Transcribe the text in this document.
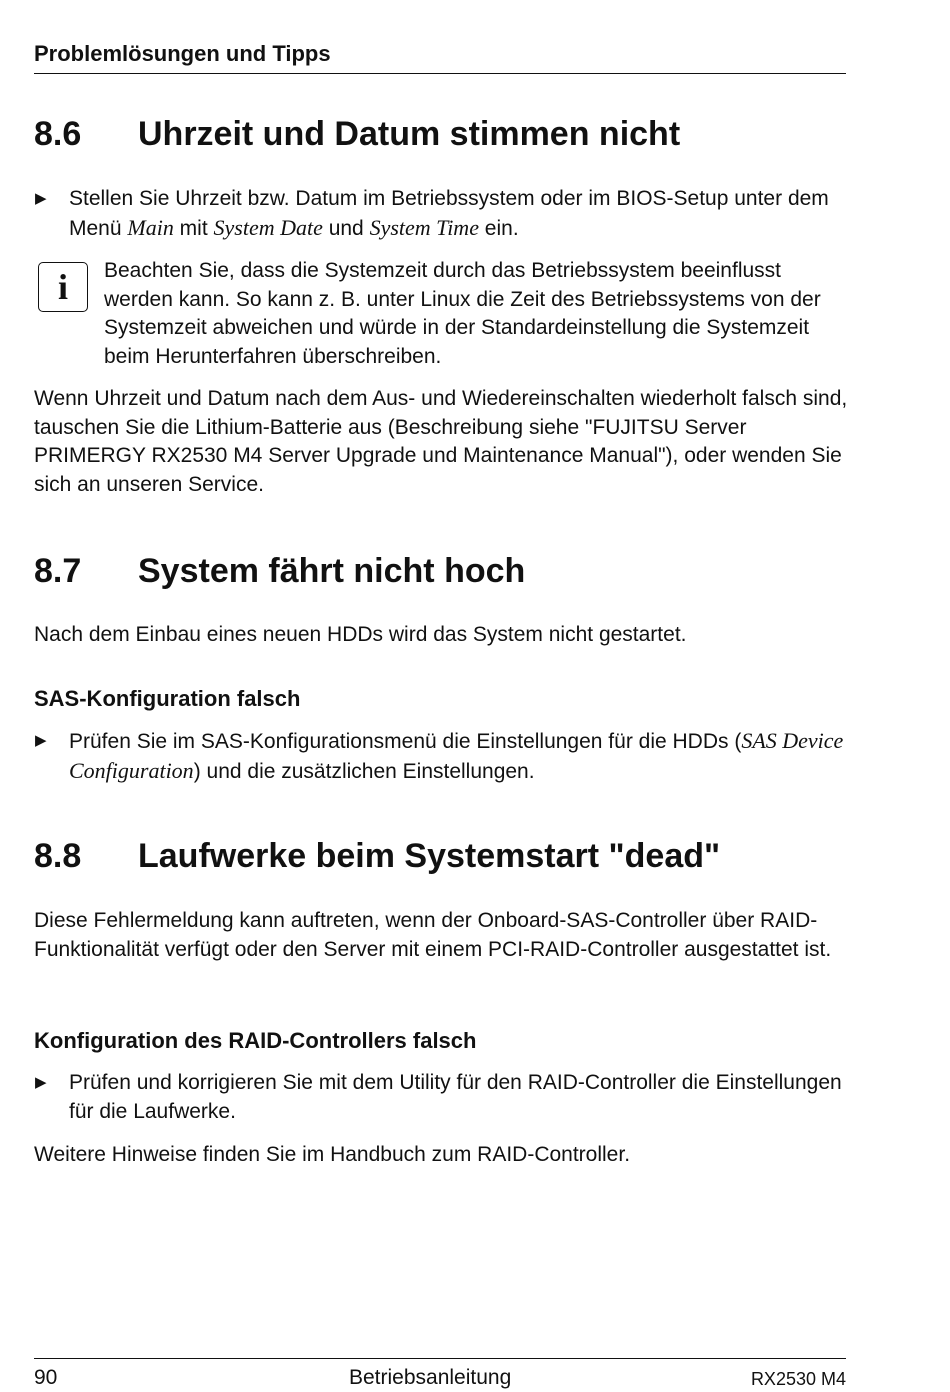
Problemlösungen und Tipps
8.6 Uhrzeit und Datum stimmen nicht
▶ Stellen Sie Uhrzeit bzw. Datum im Betriebssystem oder im BIOS-Setup unter dem Menü Main mit System Date und System Time ein.
i	Beachten Sie, dass die Systemzeit durch das Betriebssystem beeinflusst werden kann. So kann z. B. unter Linux die Zeit des Betriebssystems von der Systemzeit abweichen und würde in der Standardeinstellung die Systemzeit beim Herunterfahren überschreiben.
Wenn Uhrzeit und Datum nach dem Aus- und Wiedereinschalten wiederholt falsch sind, tauschen Sie die Lithium-Batterie aus (Beschreibung siehe "FUJITSU Server PRIMERGY RX2530 M4 Server Upgrade und Maintenance Manual"), oder wenden Sie sich an unseren Service.
8.7 System fährt nicht hoch
Nach dem Einbau eines neuen HDDs wird das System nicht gestartet.
SAS-Konfiguration falsch
▶ Prüfen Sie im SAS-Konfigurationsmenü die Einstellungen für die HDDs (SAS Device Configuration) und die zusätzlichen Einstellungen.
8.8 Laufwerke beim Systemstart "dead"
Diese Fehlermeldung kann auftreten, wenn der Onboard-SAS-Controller über RAID-Funktionalität verfügt oder den Server mit einem PCI-RAID-Controller ausgestattet ist.
Konfiguration des RAID-Controllers falsch
▶ Prüfen und korrigieren Sie mit dem Utility für den RAID-Controller die Einstellungen für die Laufwerke.
Weitere Hinweise finden Sie im Handbuch zum RAID-Controller.
90	Betriebsanleitung	RX2530 M4
